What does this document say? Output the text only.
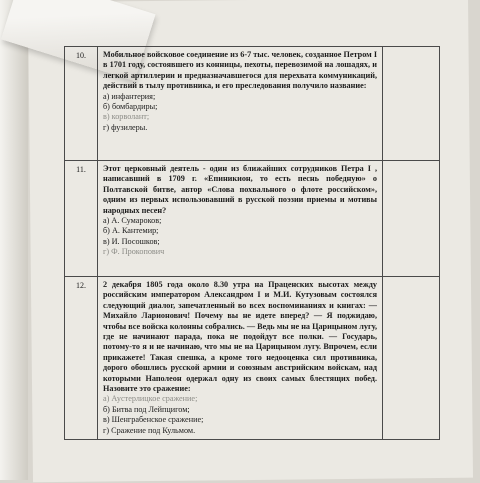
10.	Мобильное войсковое соединение из 6-7 тыс. человек, созданное Петром I в 1701 году, состоявшего из конницы, пехоты, перевозимой на лошадях, и легкой артиллерии и предназначавшегося для перехвата коммуникаций, действий в тылу противника, и его преследования получило название:

а) инфантерия;

б) бомбардиры;

в) корволант;

г) фузилеры.	

11.	Этот церковный деятель - один из ближайших сотрудников Петра I , написавший в 1709 г. «Епиникион, то есть песнь победную» о Полтавской битве, автор «Слова похвального о флоте российском», одним из первых использовавший в русской поэзии приемы и мотивы народных песен?

а) А. Сумароков;

б) А. Кантемир;

в) И. Посошков;

г) Ф. Прокопович	

12.	2 декабря 1805 года около 8.30 утра на Праценских высотах между российским императором Александром I и М.И. Кутузовым состоялся следующий диалог, запечатленный во всех воспоминаниях и книгах: — Михайло Ларионович! Почему вы не идете вперед? — Я поджидаю, чтобы все войска колонны собрались. — Ведь мы не на Царицыном лугу, где не начинают парада, пока не подойдут все полки. — Государь, потому-то я и не начинаю, что мы не на Царицыном лугу. Впрочем, если прикажете! Такая спешка, а кроме того недооценка сил противника, дорого обошлись русской армии и союзным австрийским войскам, над которыми Наполеон одержал одну из своих самых блестящих побед. Назовите это сражение:

а) Аустерлицкое сражение;

б) Битва под Лейпцигом;

в) Шенграбенское сражение;

г) Сражение под Кульмом.	
